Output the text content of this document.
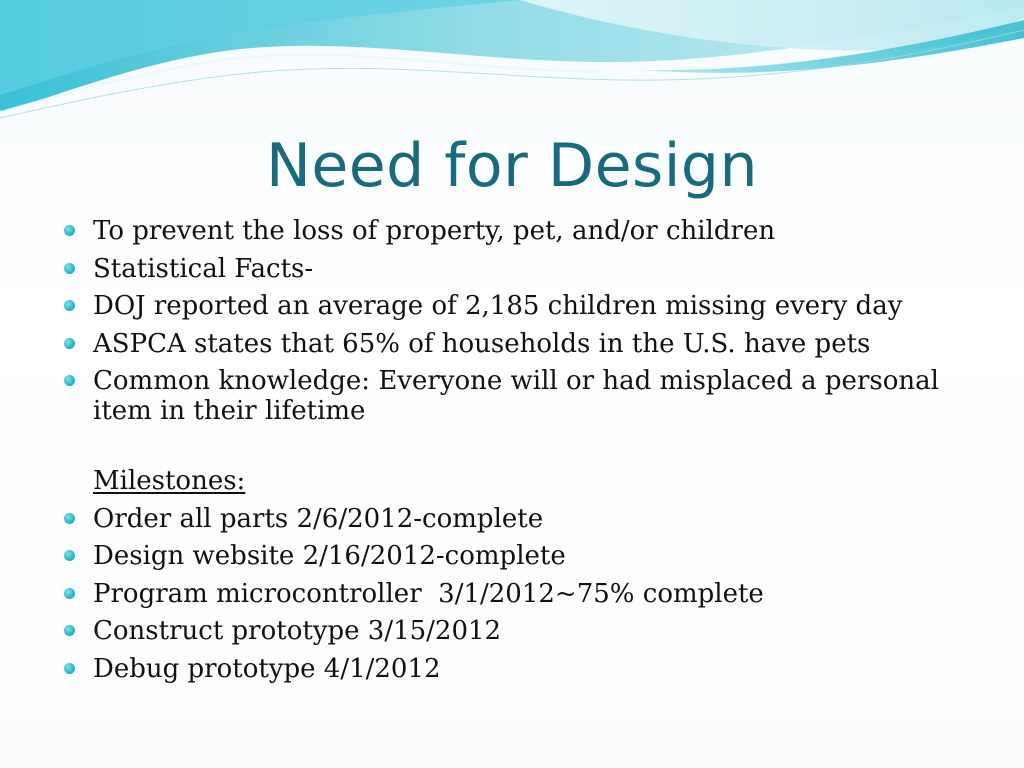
Need for Design
To prevent the loss of property, pet, and/or children
Statistical Facts-
DOJ reported an average of 2,185 children missing every day
ASPCA states that 65% of households in the U.S. have pets
Common knowledge: Everyone will or had misplaced a personal item in their lifetime
Milestones:
Order all parts 2/6/2012-complete
Design website 2/16/2012-complete
Program microcontroller  3/1/2012~75% complete
Construct prototype 3/15/2012
Debug prototype 4/1/2012
